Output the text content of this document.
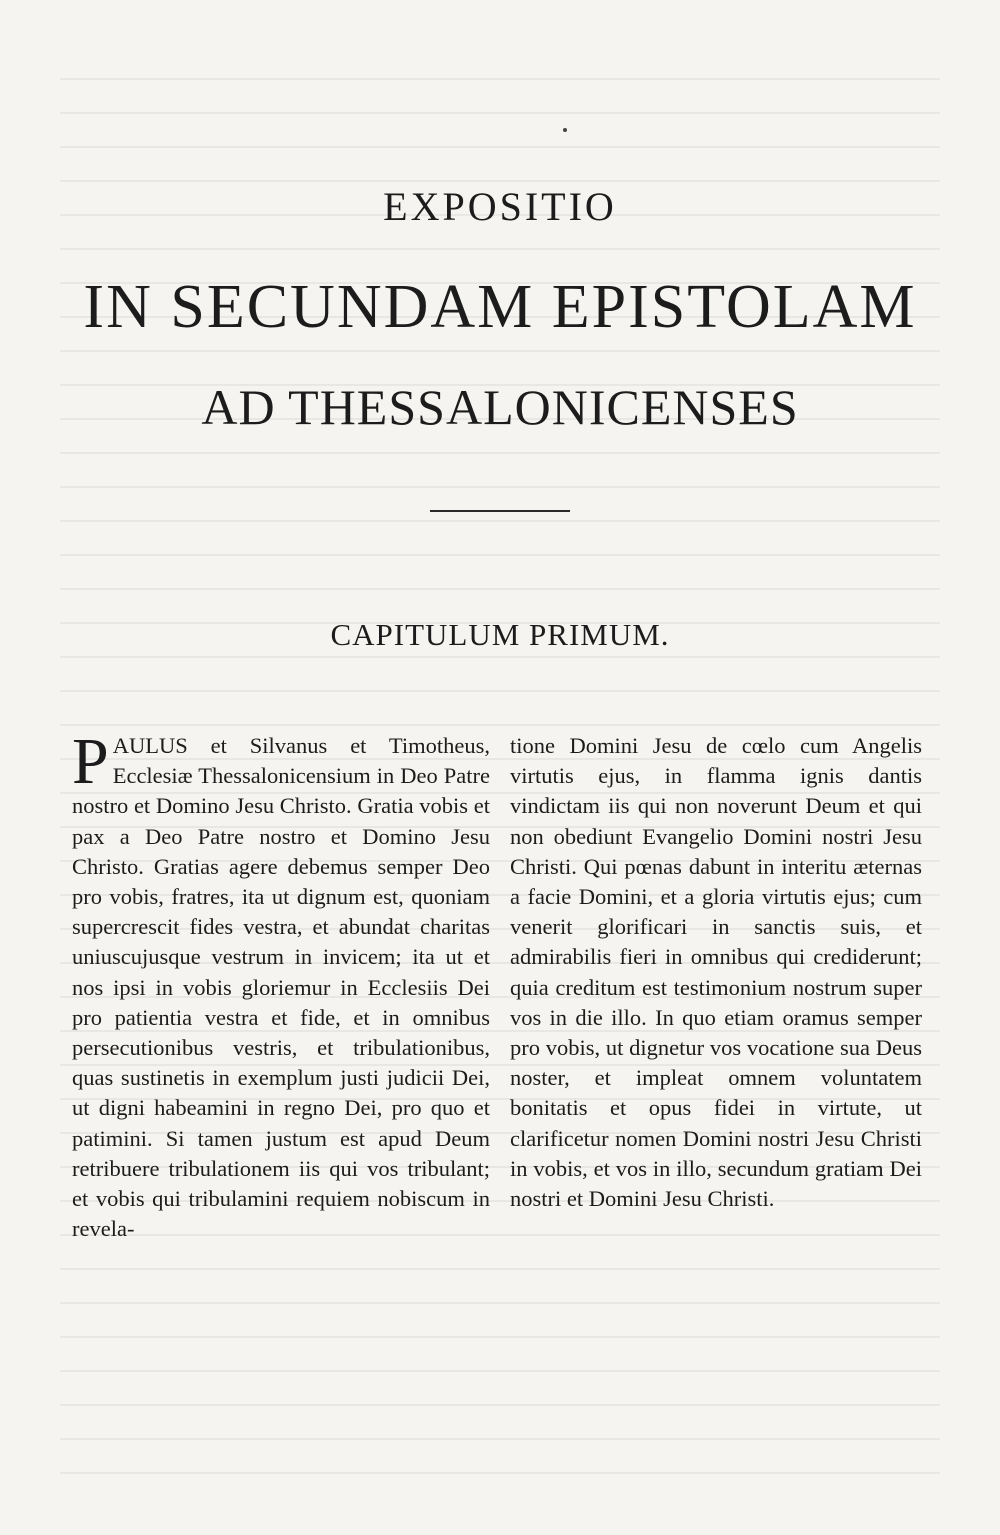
EXPOSITIO
IN SECUNDAM EPISTOLAM
AD THESSALONICENSES
CAPITULUM PRIMUM.
PAULUS et Silvanus et Timotheus, Ecclesiæ Thessalonicensium in Deo Patre nostro et Domino Jesu Christo. Gratia vobis et pax a Deo Patre nostro et Domino Jesu Christo. Gratias agere debemus semper Deo pro vobis, fratres, ita ut dignum est, quoniam supercrescit fides vestra, et abundat charitas uniuscujusque vestrum in invicem; ita ut et nos ipsi in vobis gloriemur in Ecclesiis Dei pro patientia vestra et fide, et in omnibus persecutionibus vestris, et tribulationibus, quas sustinetis in exemplum justi judicii Dei, ut digni habeamini in regno Dei, pro quo et patimini. Si tamen justum est apud Deum retribuere tribulationem iis qui vos tribulant; et vobis qui tribulamini requiem nobiscum in revela-
tione Domini Jesu de cœlo cum Angelis virtutis ejus, in flamma ignis dantis vindictam iis qui non noverunt Deum et qui non obediunt Evangelio Domini nostri Jesu Christi. Qui pœnas dabunt in interitu æternas a facie Domini, et a gloria virtutis ejus; cum venerit glorificari in sanctis suis, et admirabilis fieri in omnibus qui crediderunt; quia creditum est testimonium nostrum super vos in die illo. In quo etiam oramus semper pro vobis, ut dignetur vos vocatione sua Deus noster, et impleat omnem voluntatem bonitatis et opus fidei in virtute, ut clarificetur nomen Domini nostri Jesu Christi in vobis, et vos in illo, secundum gratiam Dei nostri et Domini Jesu Christi.
